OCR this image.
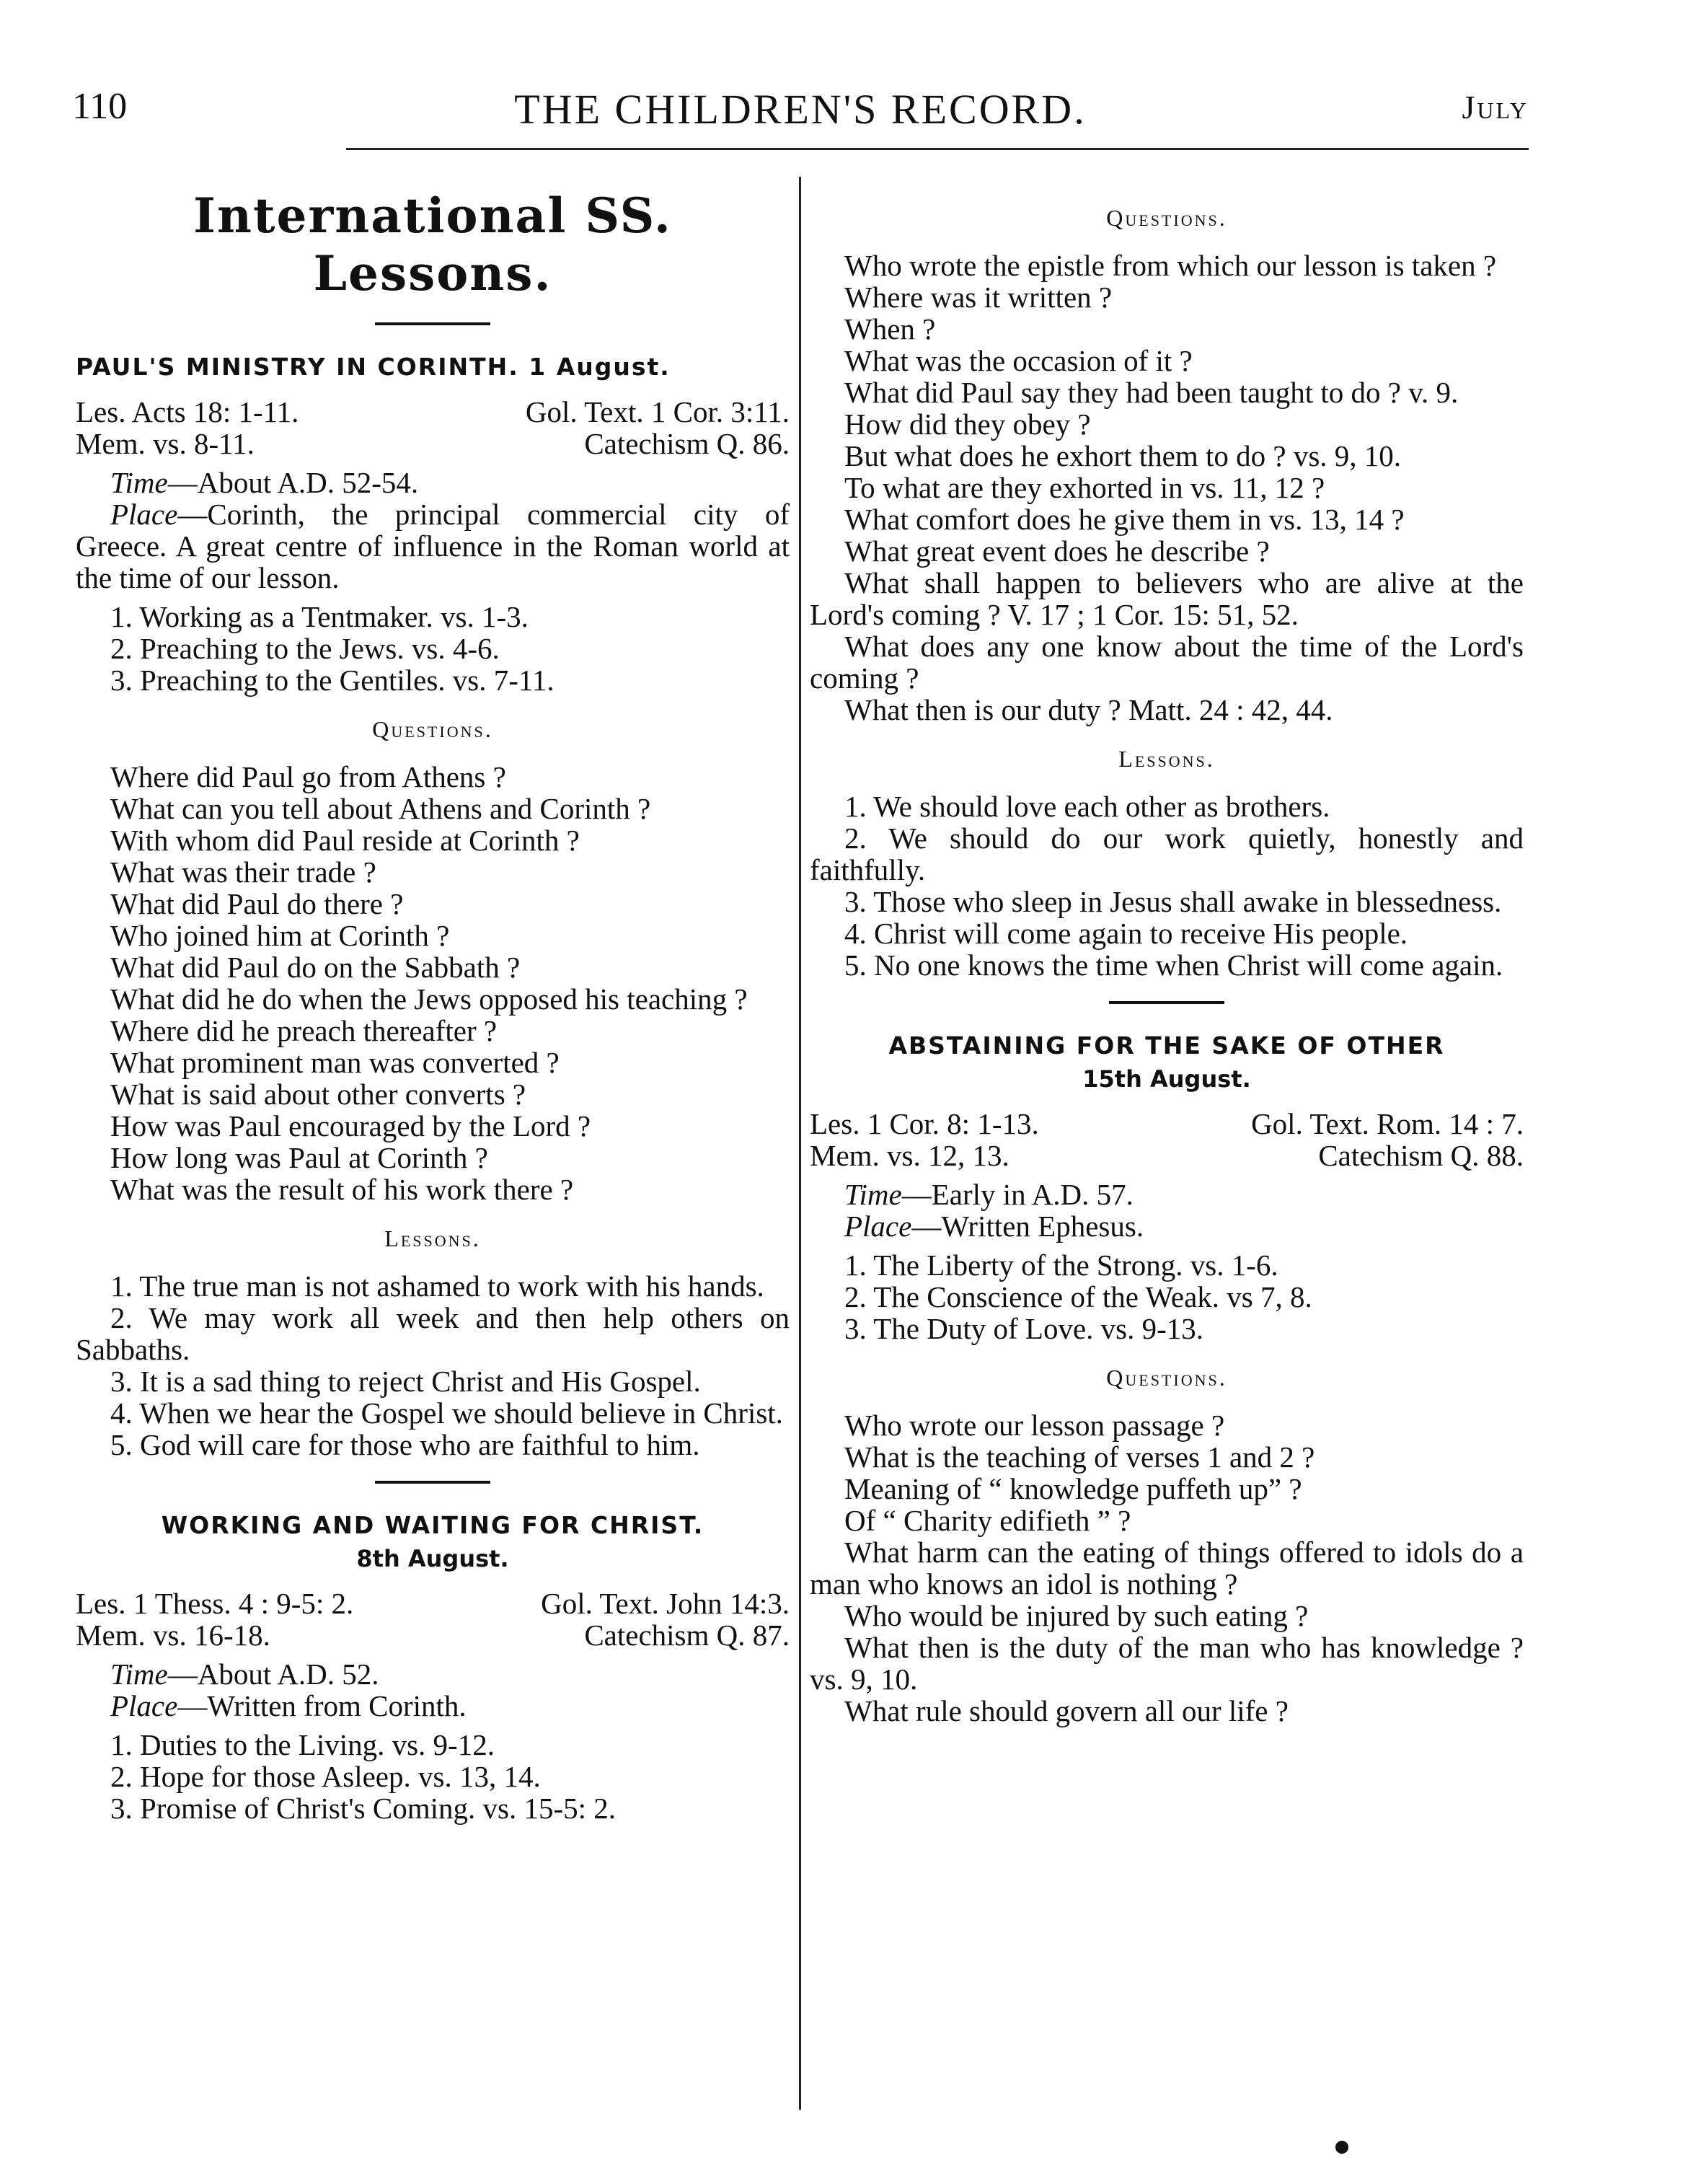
THE CHILDREN'S RECORD.
110	July
International SS. Lessons.

PAUL'S MINISTRY IN CORINTH. 1 August.

Les. Acts 18: 1-11.	Gol. Text. 1 Cor. 3:11.
Mem. vs. 8-11.	Catechism Q. 86.

Time—About A.D. 52-54.

Place—Corinth, the principal commercial city of Greece. A great centre of influence in the Roman world at the time of our lesson.

1. Working as a Tentmaker. vs. 1-3.

2. Preaching to the Jews. vs. 4-6.

3. Preaching to the Gentiles. vs. 7-11.

Questions.

Where did Paul go from Athens ?

What can you tell about Athens and Corinth ?

With whom did Paul reside at Corinth ?

What was their trade ?

What did Paul do there ?

Who joined him at Corinth ?

What did Paul do on the Sabbath ?

What did he do when the Jews opposed his teaching ?

Where did he preach thereafter ?

What prominent man was converted ?

What is said about other converts ?

How was Paul encouraged by the Lord ?

How long was Paul at Corinth ?

What was the result of his work there ?

Lessons.

1. The true man is not ashamed to work with his hands.

2. We may work all week and then help others on Sabbaths.

3. It is a sad thing to reject Christ and His Gospel.

4. When we hear the Gospel we should believe in Christ.

5. God will care for those who are faithful to him.

WORKING AND WAITING FOR CHRIST.

8th August.

Les. 1 Thess. 4 : 9-5: 2.	Gol. Text. John 14:3.
Mem. vs. 16-18.	Catechism Q. 87.

Time—About A.D. 52.

Place—Written from Corinth.

1. Duties to the Living. vs. 9-12.

2. Hope for those Asleep. vs. 13, 14.

3. Promise of Christ's Coming. vs. 15-5: 2.

Questions.

Who wrote the epistle from which our lesson is taken ?

Where was it written ?

When ?

What was the occasion of it ?

What did Paul say they had been taught to do ? v. 9.

How did they obey ?

But what does he exhort them to do ? vs. 9, 10.

To what are they exhorted in vs. 11, 12 ?

What comfort does he give them in vs. 13, 14 ?

What great event does he describe ?

What shall happen to believers who are alive at the Lord's coming ? V. 17 ; 1 Cor. 15: 51, 52.

What does any one know about the time of the Lord's coming ?

What then is our duty ? Matt. 24 : 42, 44.

Lessons.

1. We should love each other as brothers.

2. We should do our work quietly, honestly and faithfully.

3. Those who sleep in Jesus shall awake in blessedness.

4. Christ will come again to receive His people.

5. No one knows the time when Christ will come again.

ABSTAINING FOR THE SAKE OF OTHER

15th August.

Les. 1 Cor. 8: 1-13.	Gol. Text. Rom. 14 : 7.
Mem. vs. 12, 13.	Catechism Q. 88.

Time—Early in A.D. 57.

Place—Written Ephesus.

1. The Liberty of the Strong. vs. 1-6.

2. The Conscience of the Weak. vs 7, 8.

3. The Duty of Love. vs. 9-13.

Questions.

Who wrote our lesson passage ?

What is the teaching of verses 1 and 2 ?

Meaning of “ knowledge puffeth up” ?

Of “ Charity edifieth ” ?

What harm can the eating of things offered to idols do a man who knows an idol is nothing ?

Who would be injured by such eating ?

What then is the duty of the man who has knowledge ? vs. 9, 10.

What rule should govern all our life ?
